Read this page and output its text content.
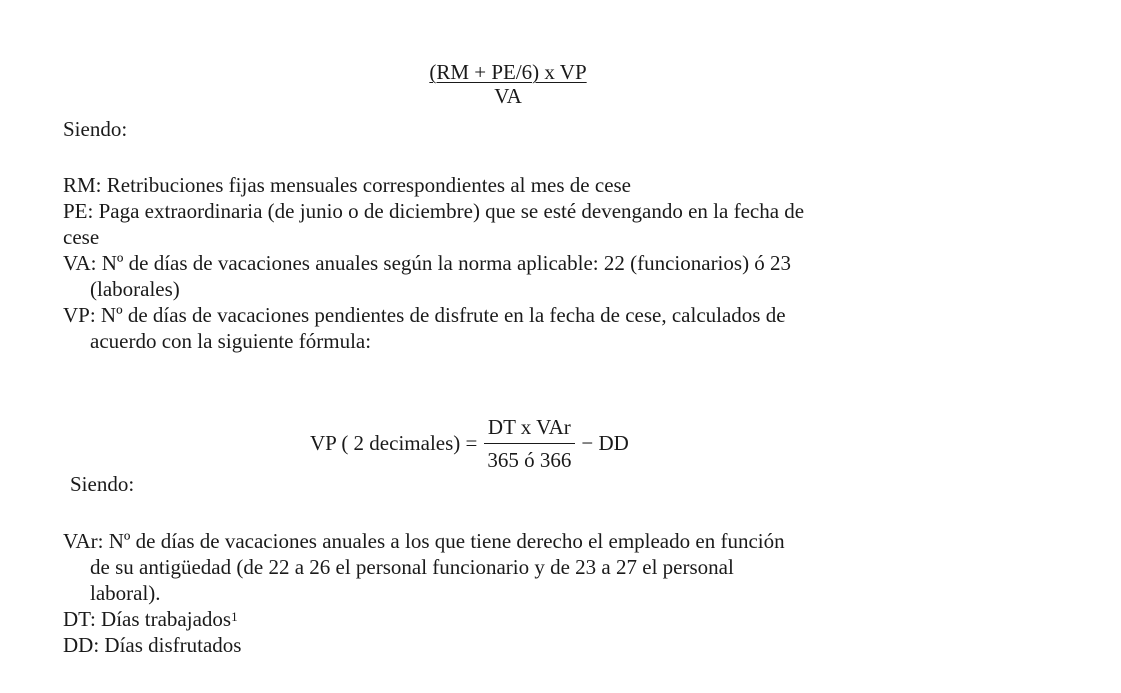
$\frac{\text{(RM + PE/6) x VP}}{VA}$
Siendo:
RM: Retribuciones fijas mensuales correspondientes al mes de cese
PE: Paga extraordinaria (de junio o de diciembre) que se esté devengando en la fecha de
cese
VA: Nº de días de vacaciones anuales según la norma aplicable: 22 (funcionarios) ó 23
(laborales)
VP: Nº de días de vacaciones pendientes de disfrute en la fecha de cese, calculados de
acuerdo con la siguiente fórmula:
VP ( 2 decimales) = $\frac{\text{DT x VAr}}{365 ó 366}$ − DD
Siendo:
VAr: Nº de días de vacaciones anuales a los que tiene derecho el empleado en función
de su antigüedad (de 22 a 26 el personal funcionario y de 23 a 27 el personal
laboral).
DT: Días trabajados$^1$
DD: Días disfrutados
